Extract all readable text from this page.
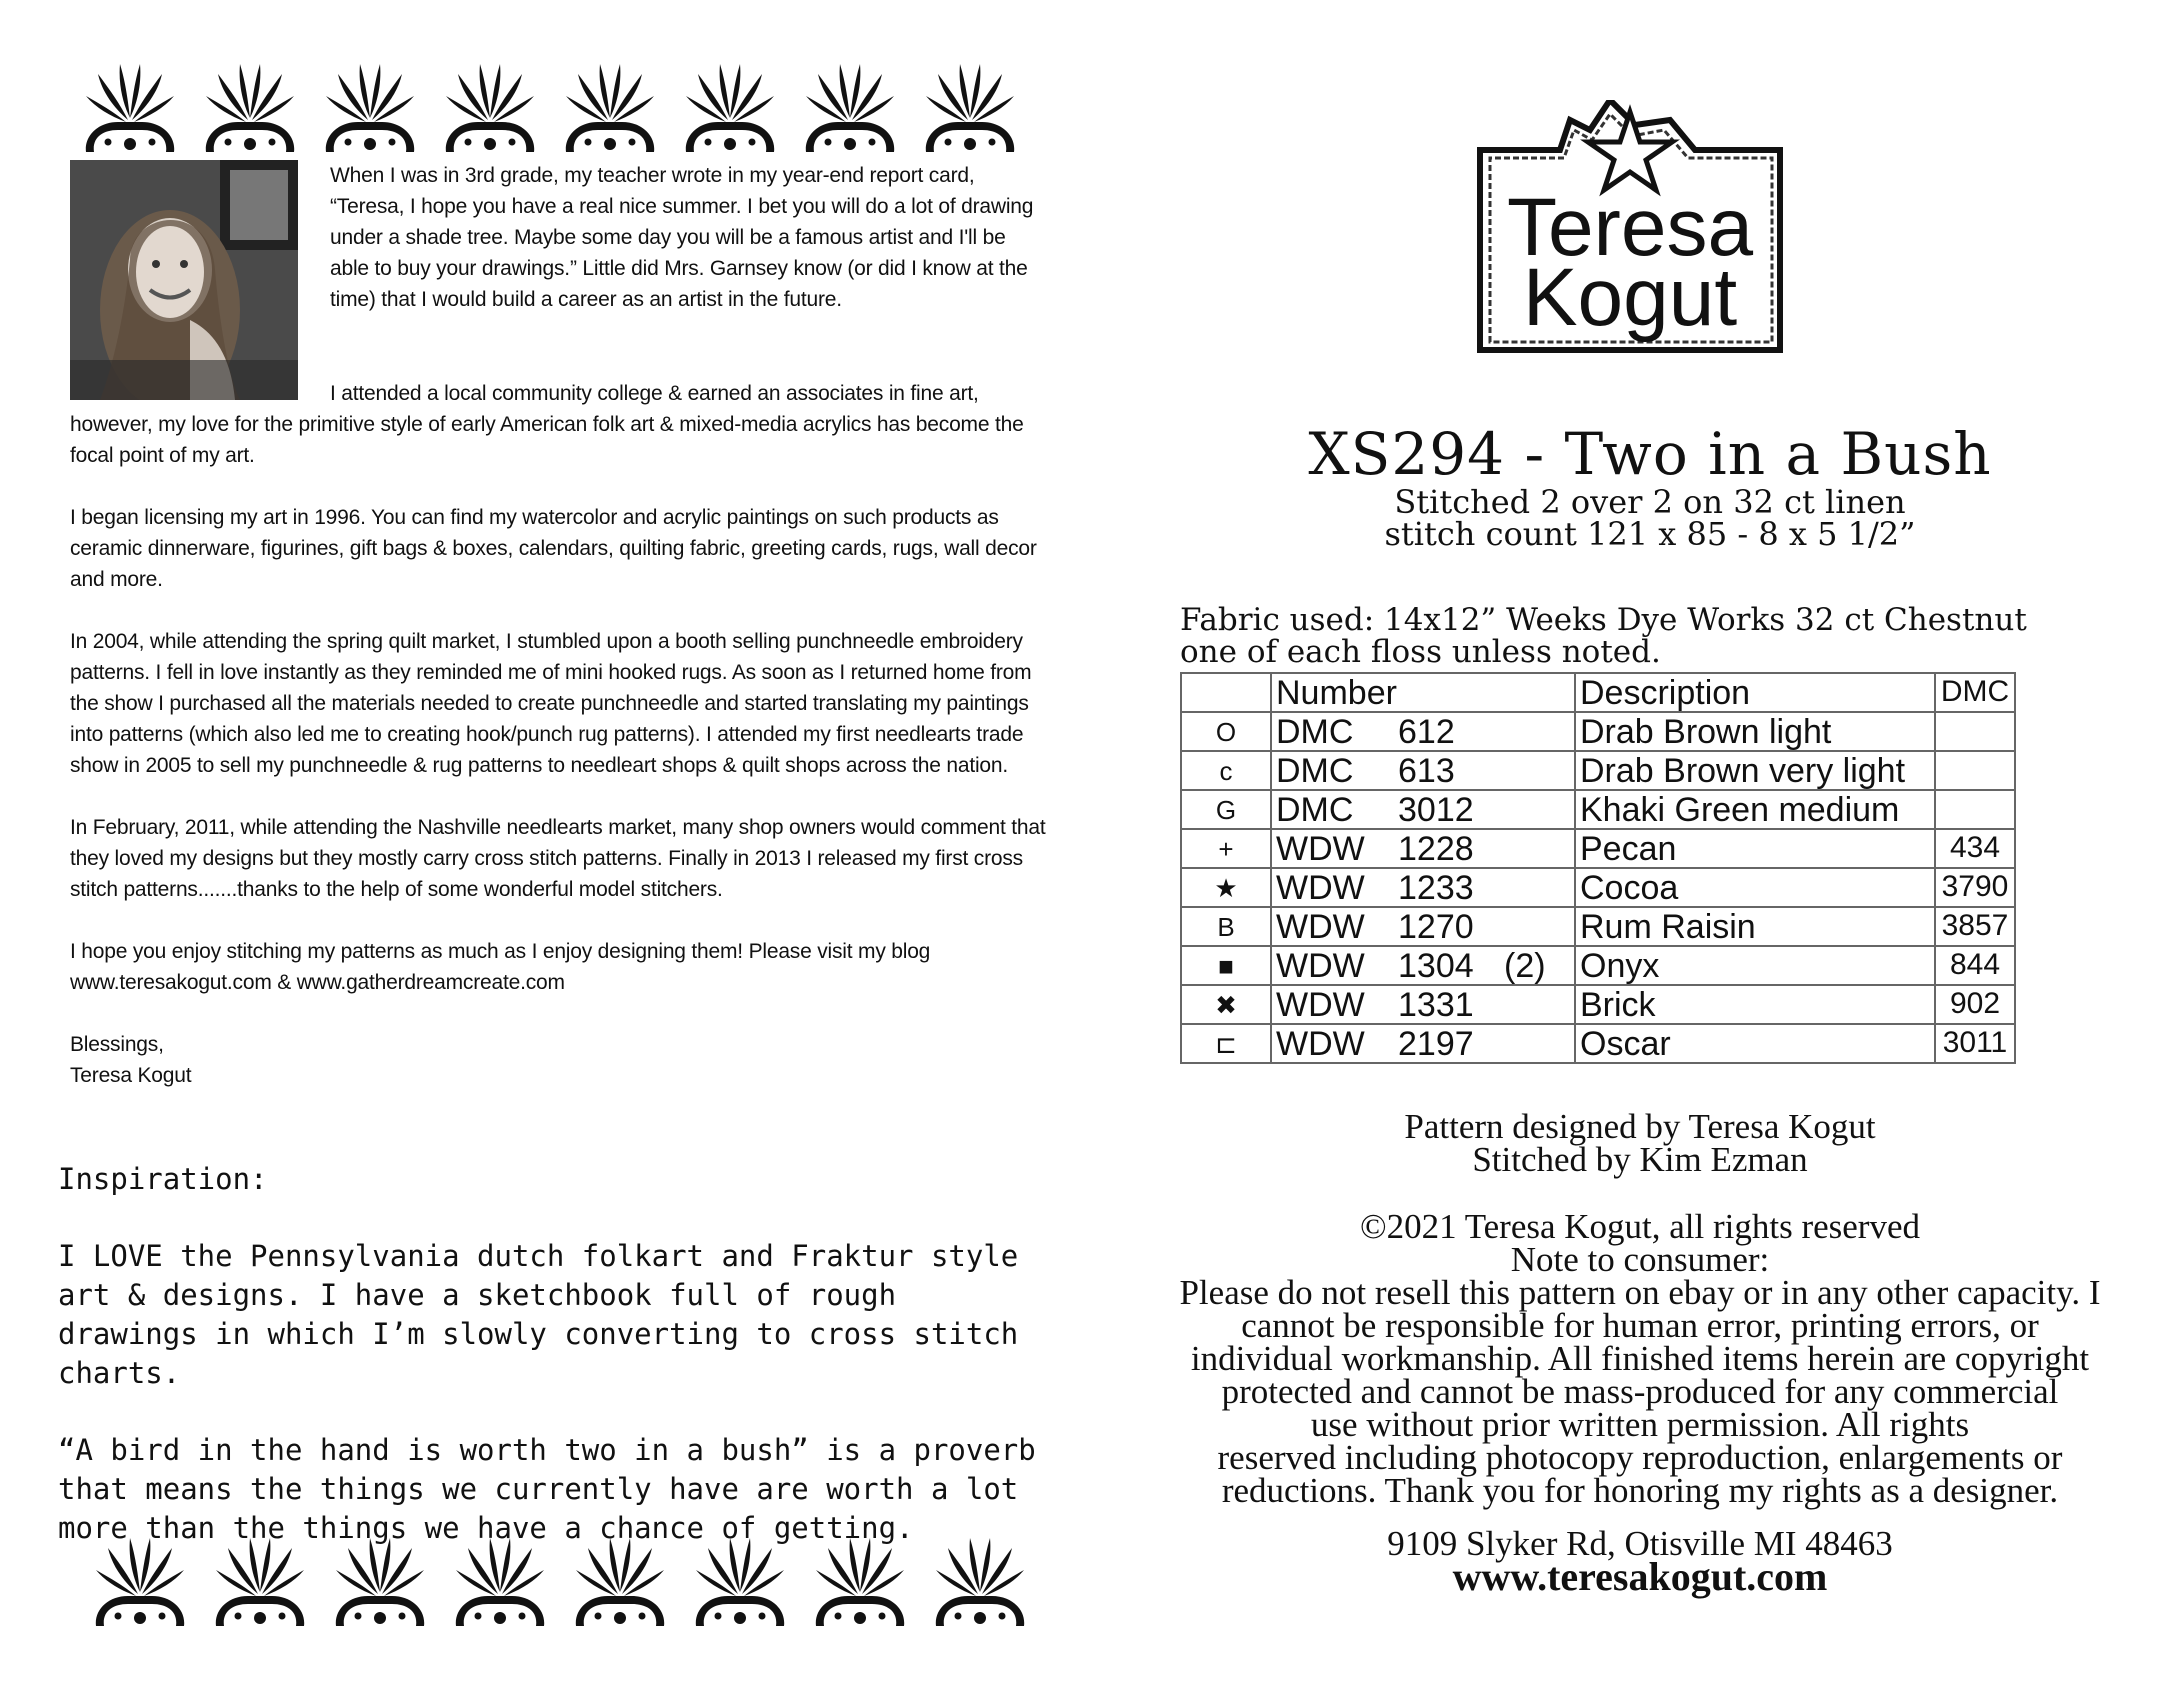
When I was in 3rd grade, my teacher wrote in my year-end report card, “Teresa, I hope you have a real nice summer. I bet you will do a lot of drawing under a shade tree. Maybe some day you will be a famous artist and I'll be able to buy your drawings.” Little did Mrs. Garnsey know (or did I know at the time) that I would build a career as an artist in the future.

I attended a local community college & earned an associates in fine art, however, my love for the primitive style of early American folk art & mixed-media acrylics has become the focal point of my art.

I began licensing my art in 1996. You can find my watercolor and acrylic paintings on such products as ceramic dinnerware, figurines, gift bags & boxes, calendars, quilting fabric, greeting cards, rugs, wall decor and more.

In 2004, while attending the spring quilt market, I stumbled upon a booth selling punchneedle embroidery patterns. I fell in love instantly as they reminded me of mini hooked rugs. As soon as I returned home from the show I purchased all the materials needed to create punchneedle and started translating my paintings into patterns (which also led me to creating hook/punch rug patterns). I attended my first needlearts trade show in 2005 to sell my punchneedle & rug patterns to needleart shops & quilt shops across the nation.

In February, 2011, while attending the Nashville needlearts market, many shop owners would comment that they loved my designs but they mostly carry cross stitch patterns. Finally in 2013 I released my first cross stitch patterns.......thanks to the help of some wonderful model stitchers.

I hope you enjoy stitching my patterns as much as I enjoy designing them! Please visit my blog www.teresakogut.com & www.gatherdreamcreate.com

Blessings,

Teresa Kogut

Inspiration:
I LOVE the Pennsylvania dutch folkart and Fraktur style art & designs. I have a sketchbook full of rough drawings in which I’m slowly converting to cross stitch charts.
“A bird in the hand is worth two in a bush” is a proverb that means the things we currently have are worth a lot more than the things we have a chance of getting.
Teresa
Kogut
XS294 - Two in a Bush
Stitched 2 over 2 on 32 ct linen
stitch count 121 x 85 - 8 x 5 1/2”
Fabric used: 14x12” Weeks Dye Works 32 ct Chestnut
one of each floss unless noted.
	Number	Description	DMC
O	DMC 612	Drab Brown light	
c	DMC 613	Drab Brown very light	
G	DMC 3012	Khaki Green medium	
+	WDW 1228	Pecan	434
★	WDW 1233	Cocoa	3790
B	WDW 1270	Rum Raisin	3857
■	WDW 1304 (2)	Onyx	844
✖	WDW 1331	Brick	902
⊏	WDW 2197	Oscar	3011
Pattern designed by Teresa Kogut
Stitched by Kim Ezman
©2021 Teresa Kogut, all rights reserved
Note to consumer:
Please do not resell this pattern on ebay or in any other capacity. I
cannot be responsible for human error, printing errors, or
individual workmanship. All finished items herein are copyright
protected and cannot be mass-produced for any commercial
use without prior written permission. All rights
reserved including photocopy reproduction, enlargements or
reductions. Thank you for honoring my rights as a designer.
9109 Slyker Rd, Otisville MI 48463
www.teresakogut.com
